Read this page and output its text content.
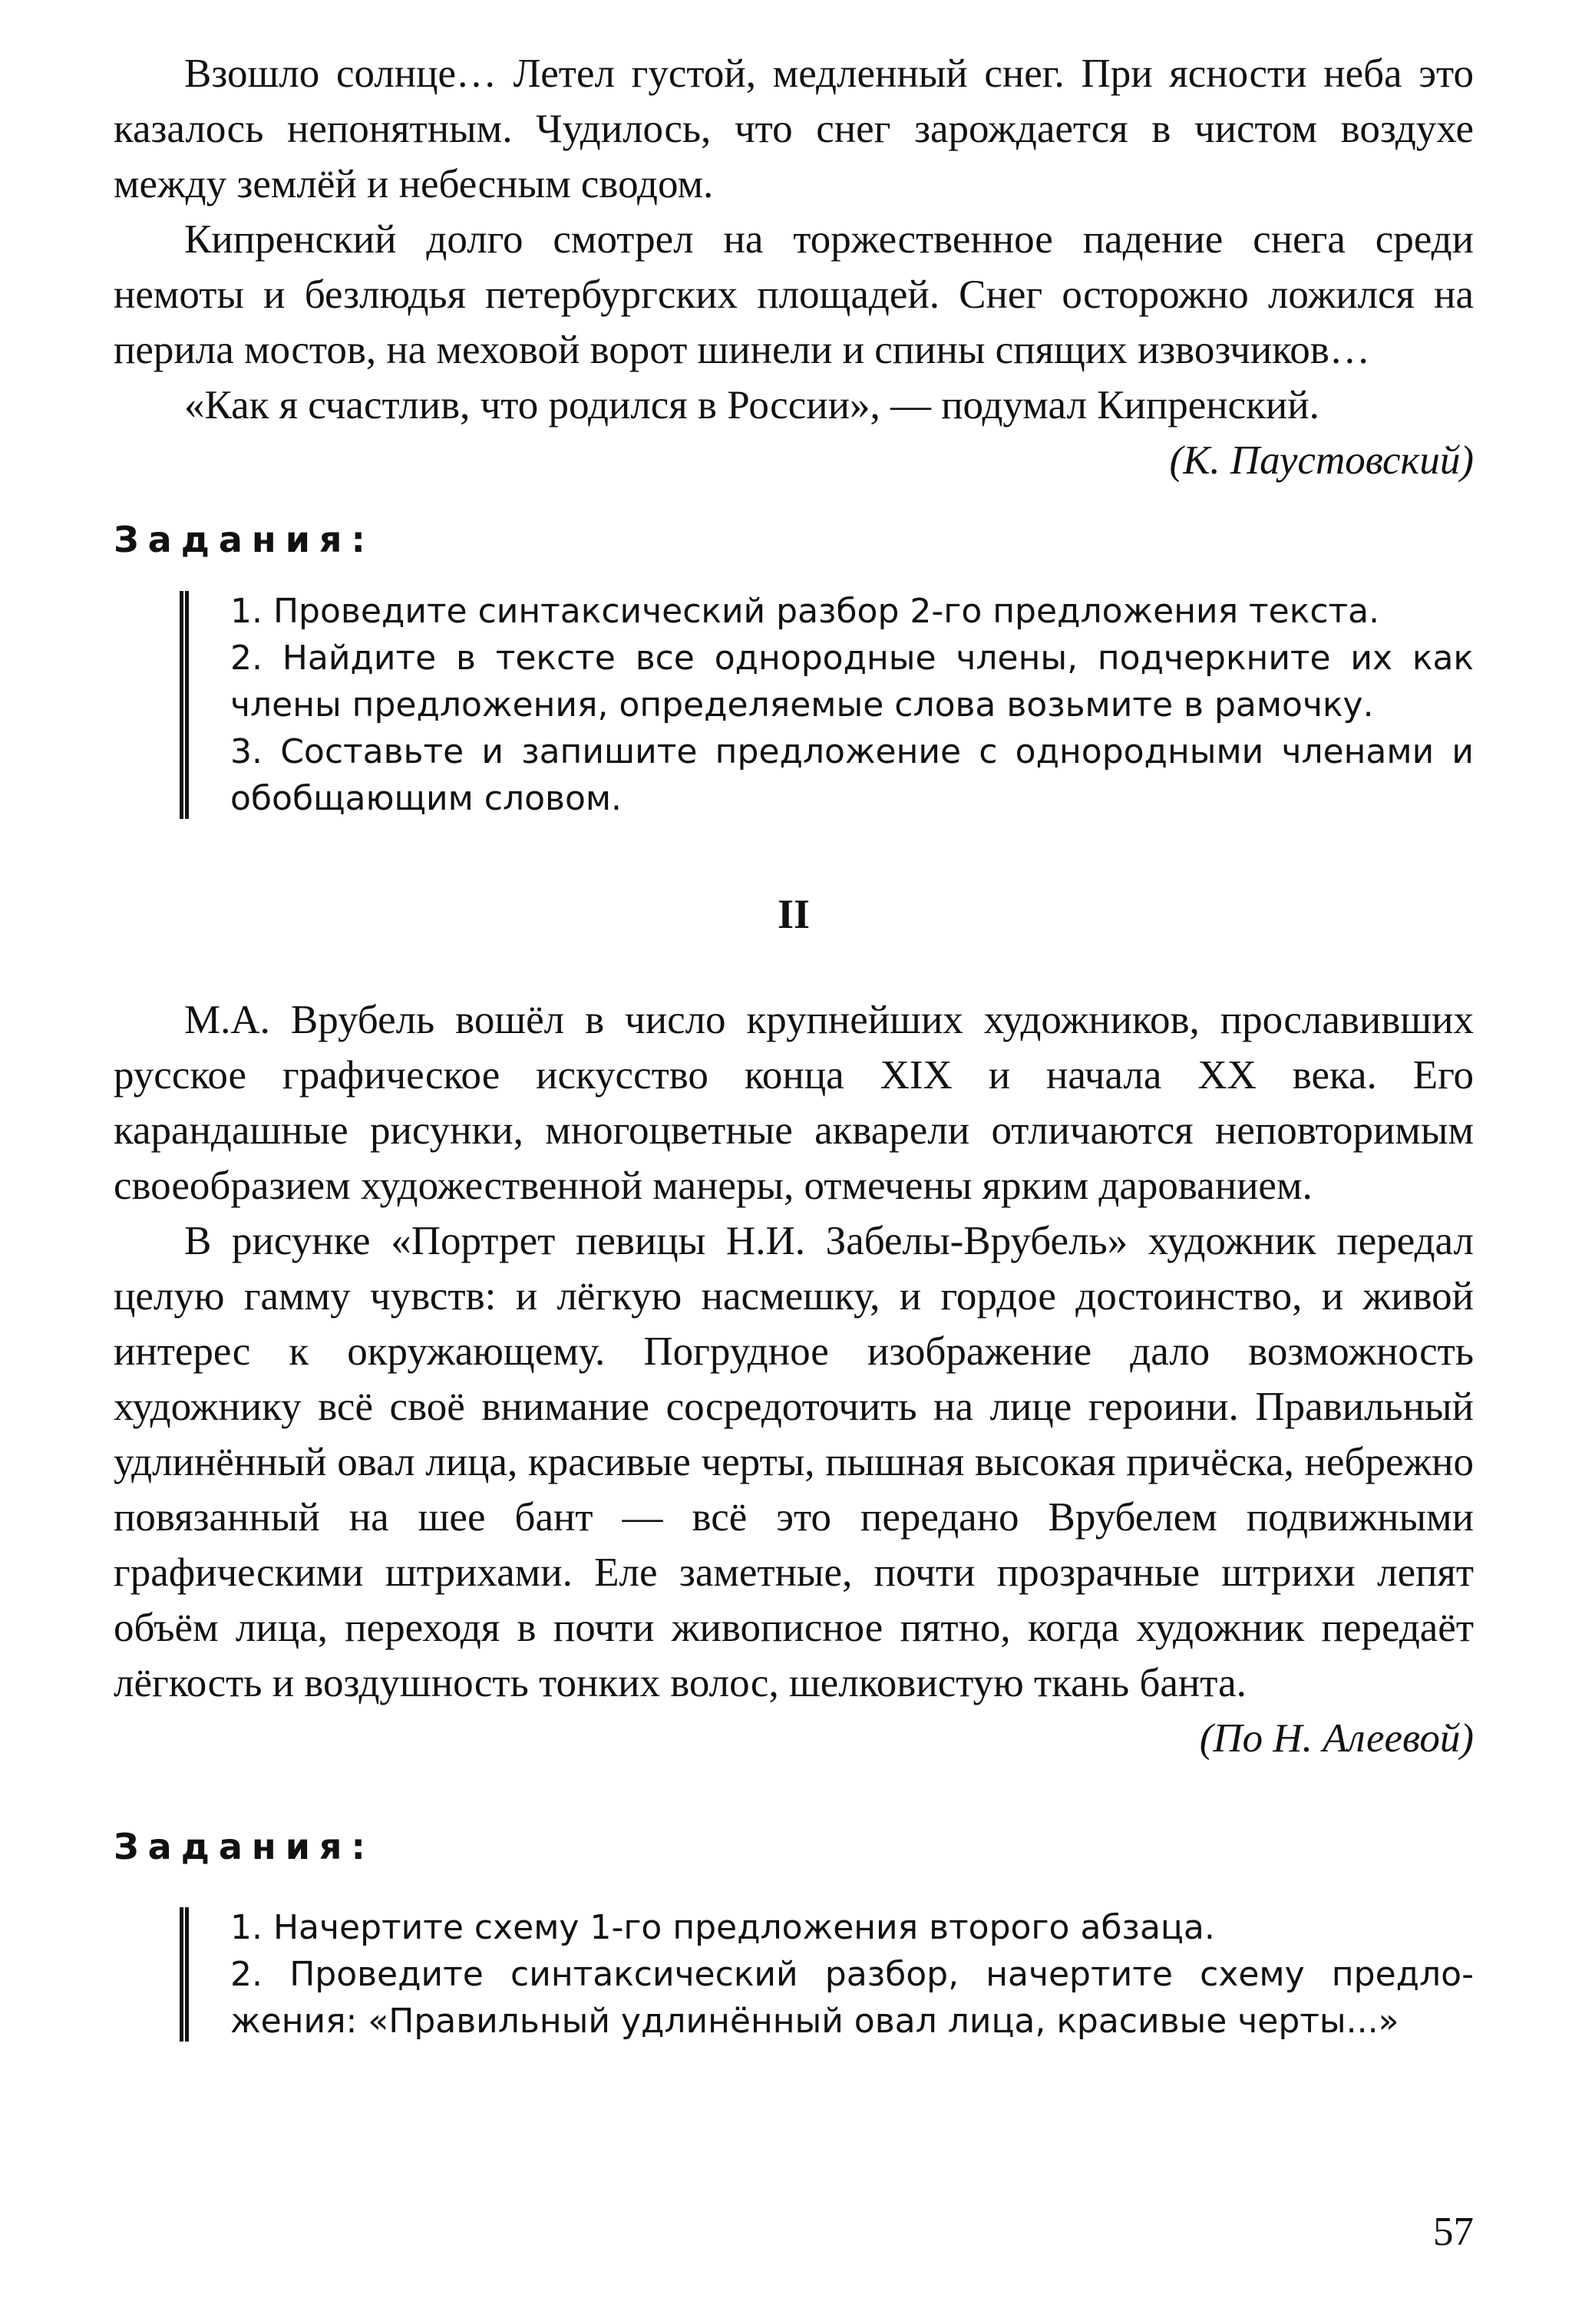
Взошло солнце… Летел густой, медленный снег. При ясности неба это казалось непонятным. Чудилось, что снег зарождается в чистом воздухе между землёй и небесным сводом.

Кипренский долго смотрел на торжественное падение снега среди немоты и безлюдья петербургских площадей. Снег осторожно ложился на перила мостов, на меховой ворот шинели и спины спящих извозчиков…

«Как я счастлив, что родился в России», — подумал Кипренский.

(К. Паустовский)

Задания:

1. Проведите синтаксический разбор 2-го предложения текста.

2. Найдите в тексте все однородные члены, подчеркните их как члены предложения, определяемые слова возьмите в рамочку.

3. Составьте и запишите предложение с однородными членами и обобщающим словом.

II

М.А. Врубель вошёл в число крупнейших художников, прославивших русское графическое искусство конца XIX и начала XX века. Его карандашные рисунки, многоцветные акварели отличаются неповторимым своеобразием художественной манеры, отмечены ярким дарованием.

В рисунке «Портрет певицы Н.И. Забелы-Врубель» художник передал целую гамму чувств: и лёгкую насмешку, и гордое достоинство, и живой интерес к окружающему. Погрудное изображение дало возможность художнику всё своё внимание сосредоточить на лице героини. Правильный удлинённый овал лица, красивые черты, пышная высокая причёска, небрежно повязанный на шее бант — всё это передано Врубелем подвижными графическими штрихами. Еле заметные, почти прозрачные штрихи лепят объём лица, переходя в почти живописное пятно, когда художник передаёт лёгкость и воздушность тонких волос, шелковистую ткань банта.

(По Н. Алеевой)

Задания:

1. Начертите схему 1-го предложения второго абзаца.

2. Проведите синтаксический разбор, начертите схему предложения: «Правильный удлинённый овал лица, красивые черты...»

57
